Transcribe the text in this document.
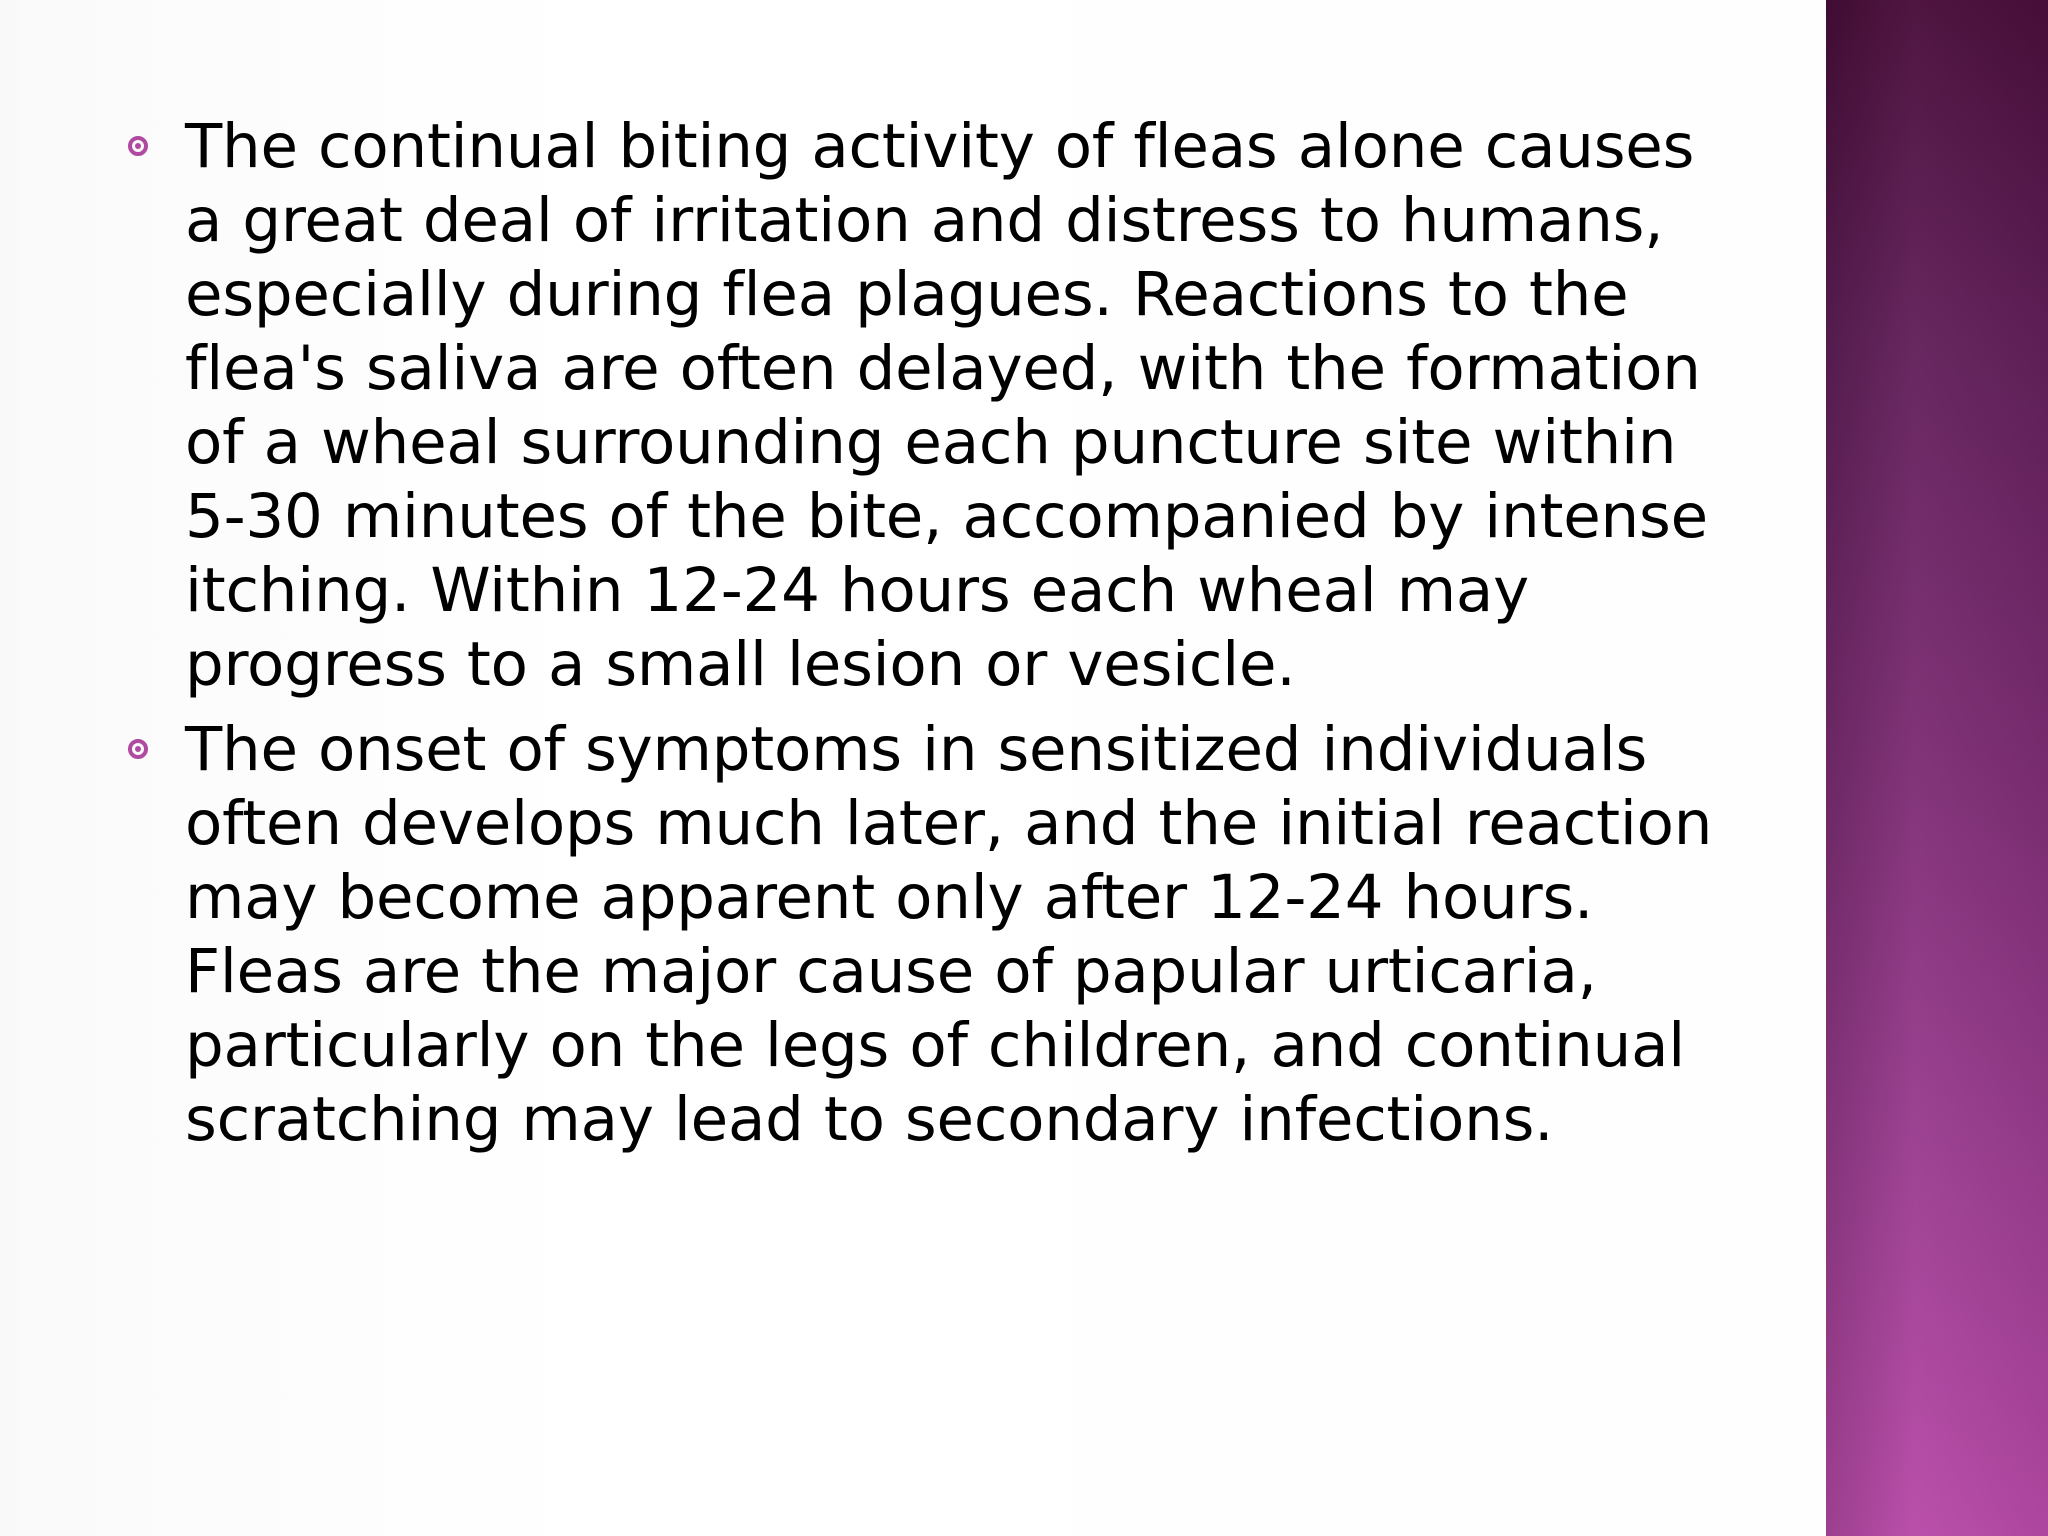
The continual biting activity of fleas alone causes a great deal of irritation and distress to humans, especially during flea plagues. Reactions to the flea's saliva are often delayed, with the formation of a wheal surrounding each puncture site within 5-30 minutes of the bite, accompanied by intense itching. Within 12-24 hours each wheal may progress to a small lesion or vesicle.
The onset of symptoms in sensitized individuals often develops much later, and the initial reaction may become apparent only after 12-24 hours. Fleas are the major cause of papular urticaria, particularly on the legs of children, and continual scratching may lead to secondary infections.
